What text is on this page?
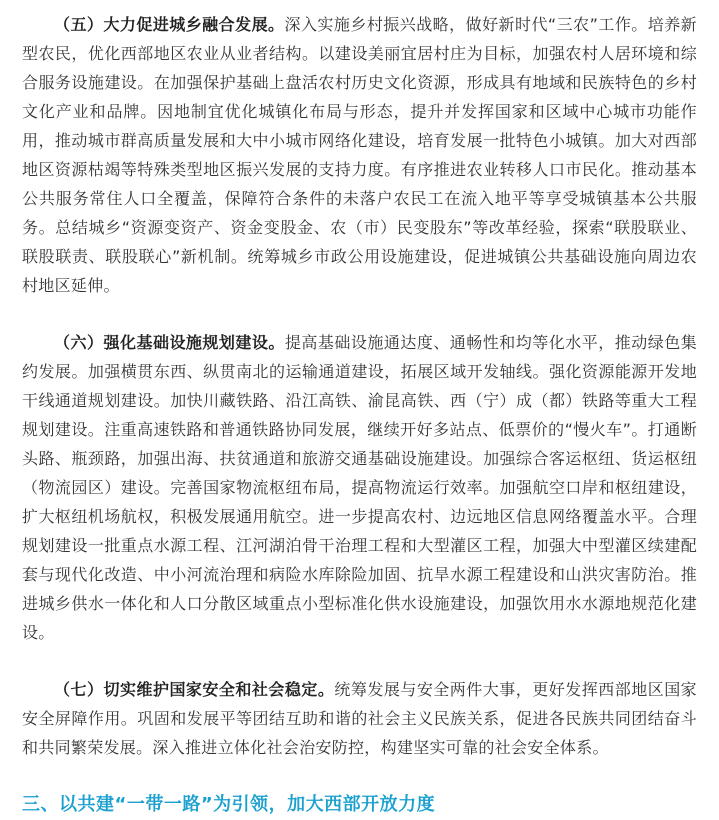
（五）大力促进城乡融合发展。深入实施乡村振兴战略，做好新时代“三农”工作。培养新型农民，优化西部地区农业从业者结构。以建设美丽宜居村庄为目标，加强农村人居环境和综合服务设施建设。在加强保护基础上盘活农村历史文化资源，形成具有地域和民族特色的乡村文化产业和品牌。因地制宜优化城镇化布局与形态，提升并发挥国家和区域中心城市功能作用，推动城市群高质量发展和大中小城市网络化建设，培育发展一批特色小城镇。加大对西部地区资源枯竭等特殊类型地区振兴发展的支持力度。有序推进农业转移人口市民化。推动基本公共服务常住人口全覆盖，保障符合条件的未落户农民工在流入地平等享受城镇基本公共服务。总结城乡“资源变资产、资金变股金、农（市）民变股东”等改革经验，探索“联股联业、联股联责、联股联心”新机制。统筹城乡市政公用设施建设，促进城镇公共基础设施向周边农村地区延伸。

（六）强化基础设施规划建设。提高基础设施通达度、通畅性和均等化水平，推动绿色集约发展。加强横贯东西、纵贯南北的运输通道建设，拓展区域开发轴线。强化资源能源开发地干线通道规划建设。加快川藏铁路、沿江高铁、渝昆高铁、西（宁）成（都）铁路等重大工程规划建设。注重高速铁路和普通铁路协同发展，继续开好多站点、低票价的“慢火车”。打通断头路、瓶颈路，加强出海、扶贫通道和旅游交通基础设施建设。加强综合客运枢纽、货运枢纽（物流园区）建设。完善国家物流枢纽布局，提高物流运行效率。加强航空口岸和枢纽建设，扩大枢纽机场航权，积极发展通用航空。进一步提高农村、边远地区信息网络覆盖水平。合理规划建设一批重点水源工程、江河湖泊骨干治理工程和大型灌区工程，加强大中型灌区续建配套与现代化改造、中小河流治理和病险水库除险加固、抗旱水源工程建设和山洪灾害防治。推进城乡供水一体化和人口分散区域重点小型标准化供水设施建设，加强饮用水水源地规范化建设。

（七）切实维护国家安全和社会稳定。统筹发展与安全两件大事，更好发挥西部地区国家安全屏障作用。巩固和发展平等团结互助和谐的社会主义民族关系，促进各民族共同团结奋斗和共同繁荣发展。深入推进立体化社会治安防控，构建坚实可靠的社会安全体系。

三、以共建“一带一路”为引领，加大西部开放力度
